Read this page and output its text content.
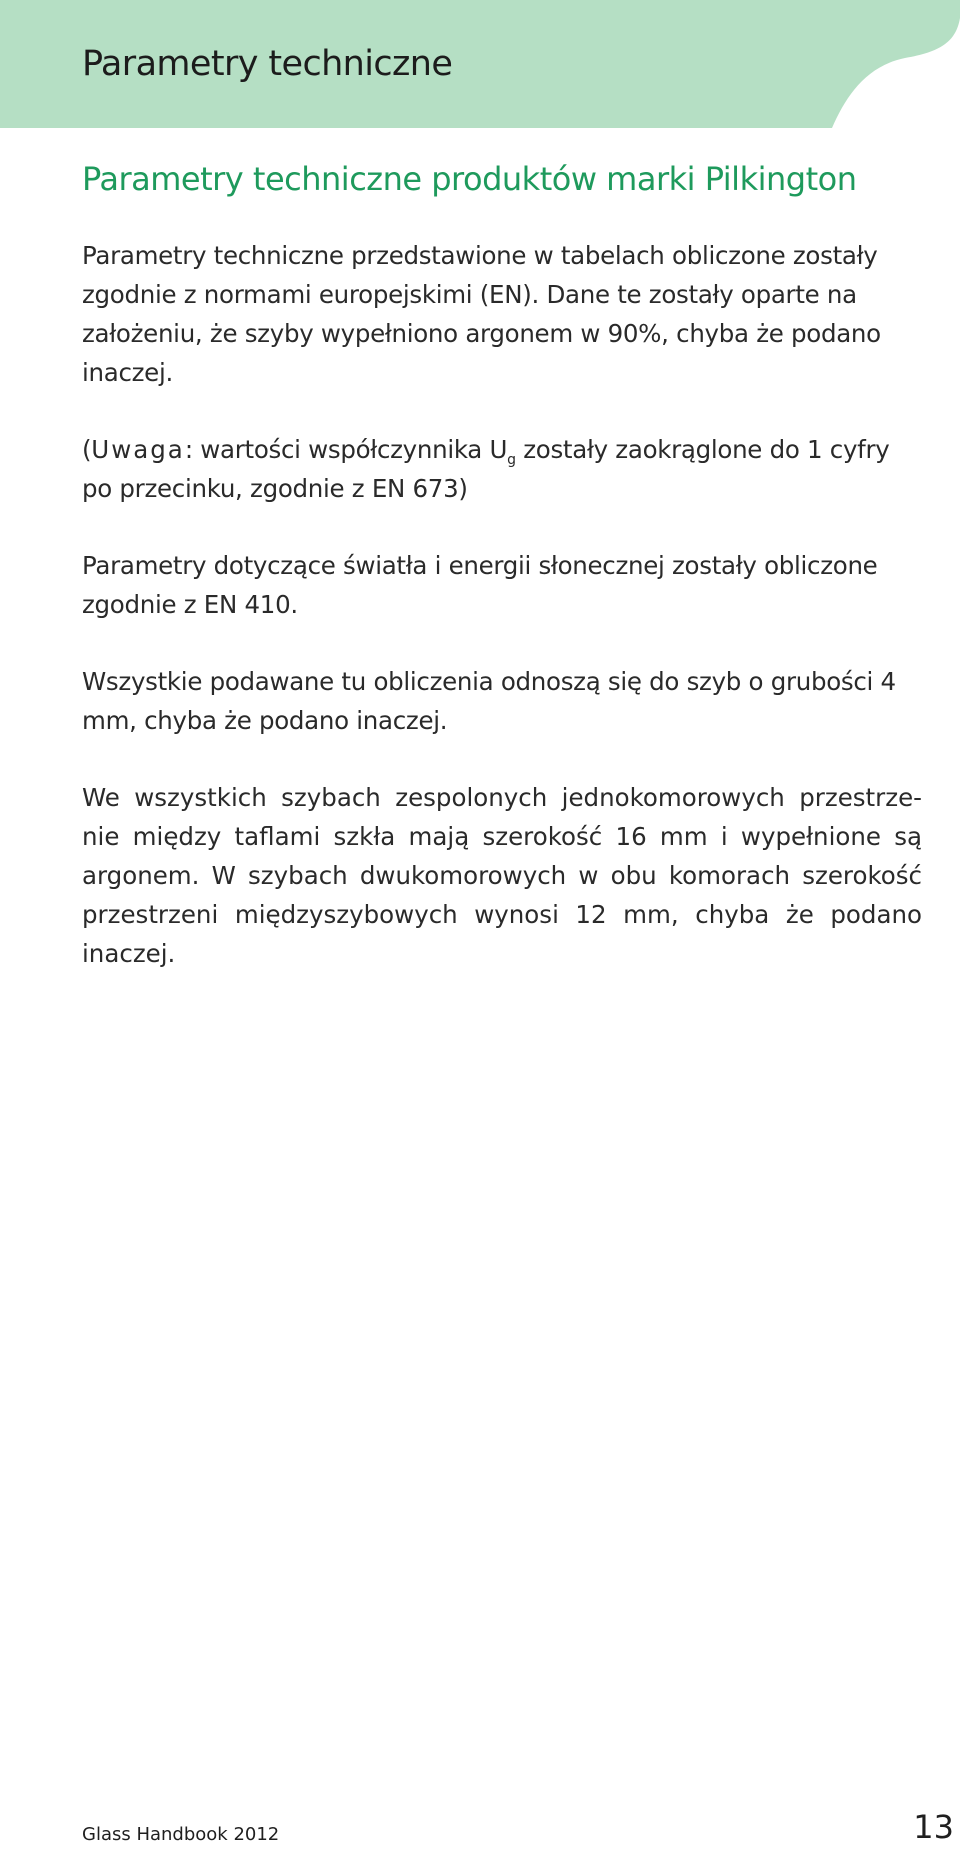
Parametry techniczne
Parametry techniczne produktów marki Pilkington

Parametry techniczne przedstawione w tabelach obliczone zostały zgodnie z normami europejskimi (EN). Dane te zostały oparte na założeniu, że szyby wypełniono argonem w 90%, chyba że podano inaczej.

(Uwaga: wartości współczynnika $U_g$ zostały zaokrąglone do 1 cyfry po przecinku, zgodnie z EN 673)

Parametry dotyczące światła i energii słonecznej zostały obliczone zgodnie z EN 410.

Wszystkie podawane tu obliczenia odnoszą się do szyb o grubości 4 mm, chyba że podano inaczej.

We wszystkich szybach zespolonych jednokomorowych przestrze-nie między taflami szkła mają szerokość 16 mm i wypełnione są argonem. W szybach dwukomorowych w obu komorach szerokość przestrzeni międzyszybowych wynosi 12 mm, chyba że podano inaczej.

Glass Handbook 2012	13
